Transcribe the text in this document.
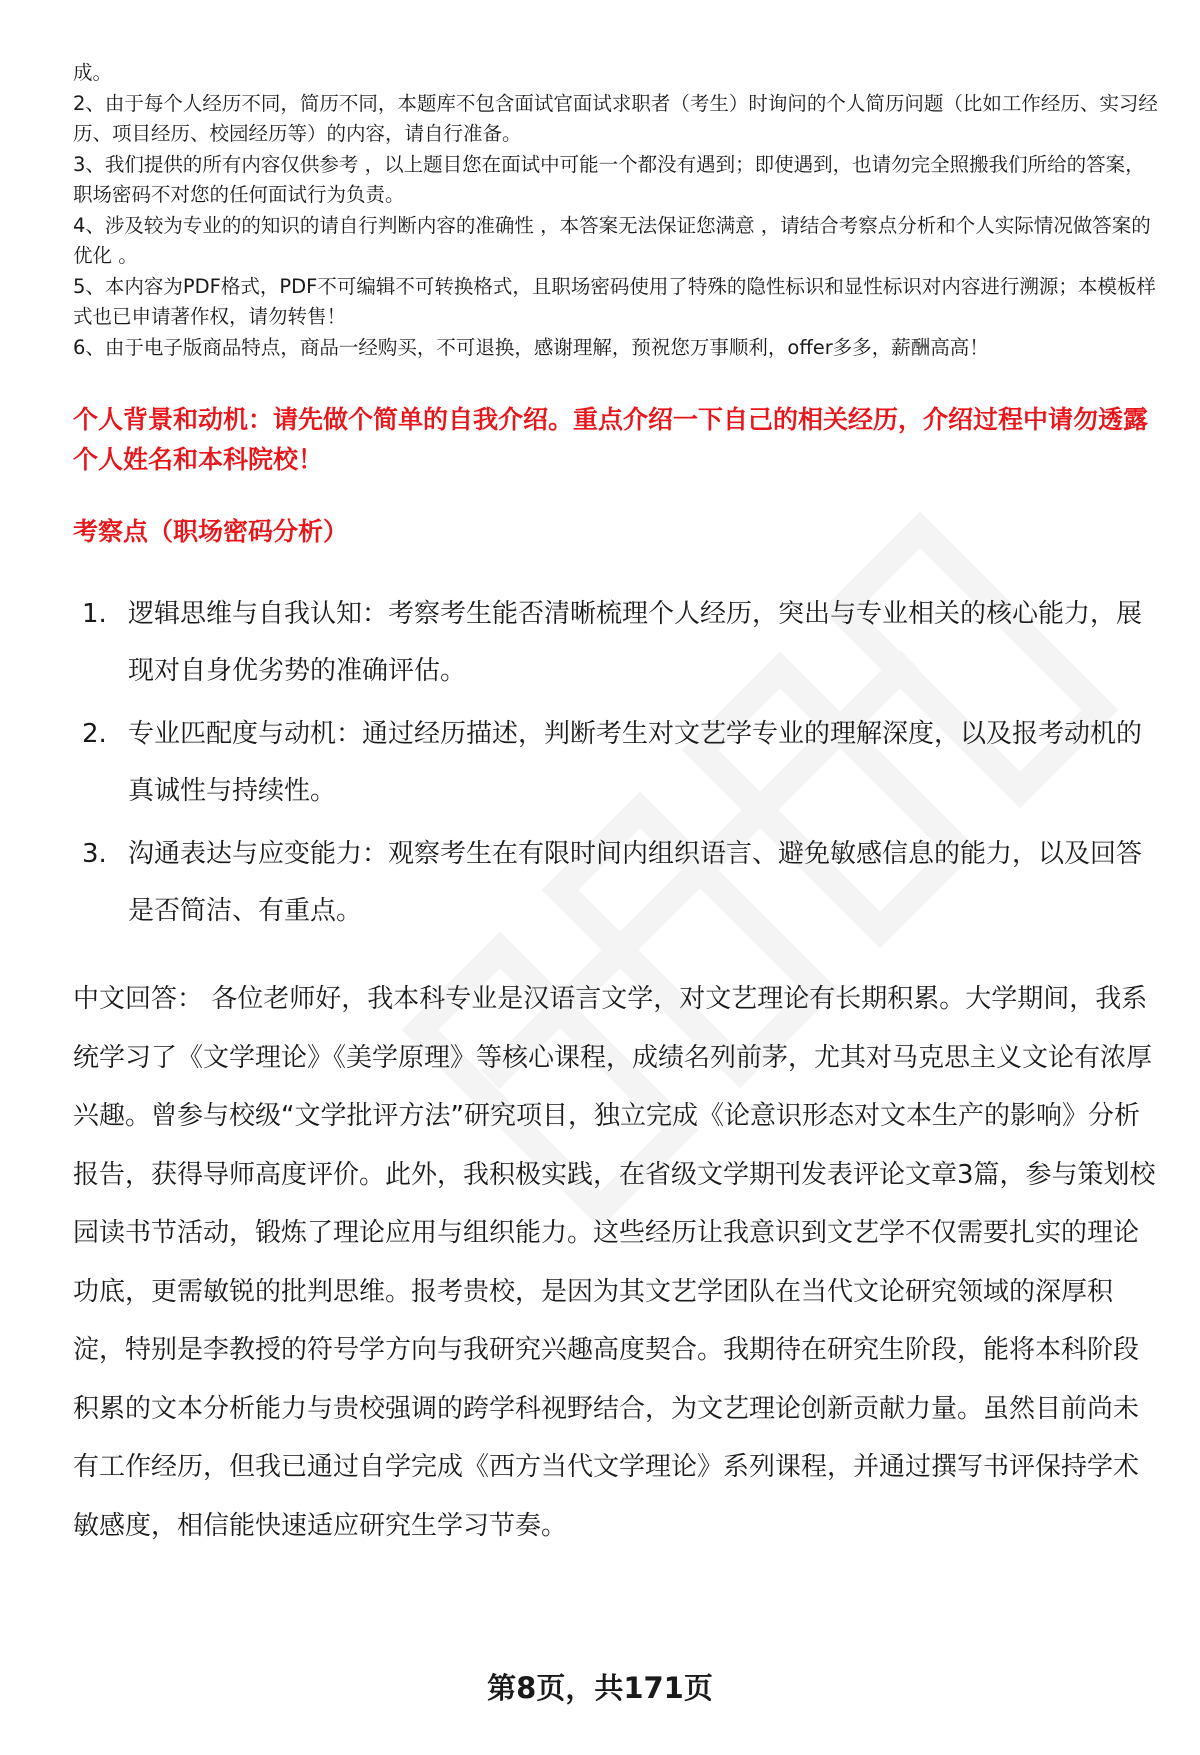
成。

2、由于每个人经历不同，简历不同，本题库不包含面试官面试求职者（考生）时询问的个人简历问题（比如工作经历、实习经历、项目经历、校园经历等）的内容，请自行准备。

3、我们提供的所有内容仅供参考 ，以上题目您在面试中可能一个都没有遇到；即使遇到，也请勿完全照搬我们所给的答案，职场密码不对您的任何面试行为负责。

4、涉及较为专业的的知识的请自行判断内容的准确性 ，本答案无法保证您满意 ，请结合考察点分析和个人实际情况做答案的优化 。

5、本内容为PDF格式，PDF不可编辑不可转换格式，且职场密码使用了特殊的隐性标识和显性标识对内容进行溯源；本模板样式也已申请著作权，请勿转售！

6、由于电子版商品特点，商品一经购买，不可退换，感谢理解，预祝您万事顺利，offer多多，薪酬高高！

个人背景和动机：请先做个简单的自我介绍。重点介绍一下自己的相关经历，介绍过程中请勿透露个人姓名和本科院校！
考察点（职场密码分析）
1. 逻辑思维与自我认知：考察考生能否清晰梳理个人经历，突出与专业相关的核心能力，展现对自身优劣势的准确评估。
2. 专业匹配度与动机：通过经历描述，判断考生对文艺学专业的理解深度，以及报考动机的真诚性与持续性。
3. 沟通表达与应变能力：观察考生在有限时间内组织语言、避免敏感信息的能力，以及回答是否简洁、有重点。

中文回答： 各位老师好，我本科专业是汉语言文学，对文艺理论有长期积累。大学期间，我系统学习了《文学理论》《美学原理》等核心课程，成绩名列前茅，尤其对马克思主义文论有浓厚兴趣。曾参与校级“文学批评方法”研究项目，独立完成《论意识形态对文本生产的影响》分析报告，获得导师高度评价。此外，我积极实践，在省级文学期刊发表评论文章3篇，参与策划校园读书节活动，锻炼了理论应用与组织能力。这些经历让我意识到文艺学不仅需要扎实的理论功底，更需敏锐的批判思维。报考贵校，是因为其文艺学团队在当代文论研究领域的深厚积淀，特别是李教授的符号学方向与我研究兴趣高度契合。我期待在研究生阶段，能将本科阶段积累的文本分析能力与贵校强调的跨学科视野结合，为文艺理论创新贡献力量。虽然目前尚未有工作经历，但我已通过自学完成《西方当代文学理论》系列课程，并通过撰写书评保持学术敏感度，相信能快速适应研究生学习节奏。

第8页，共171页
